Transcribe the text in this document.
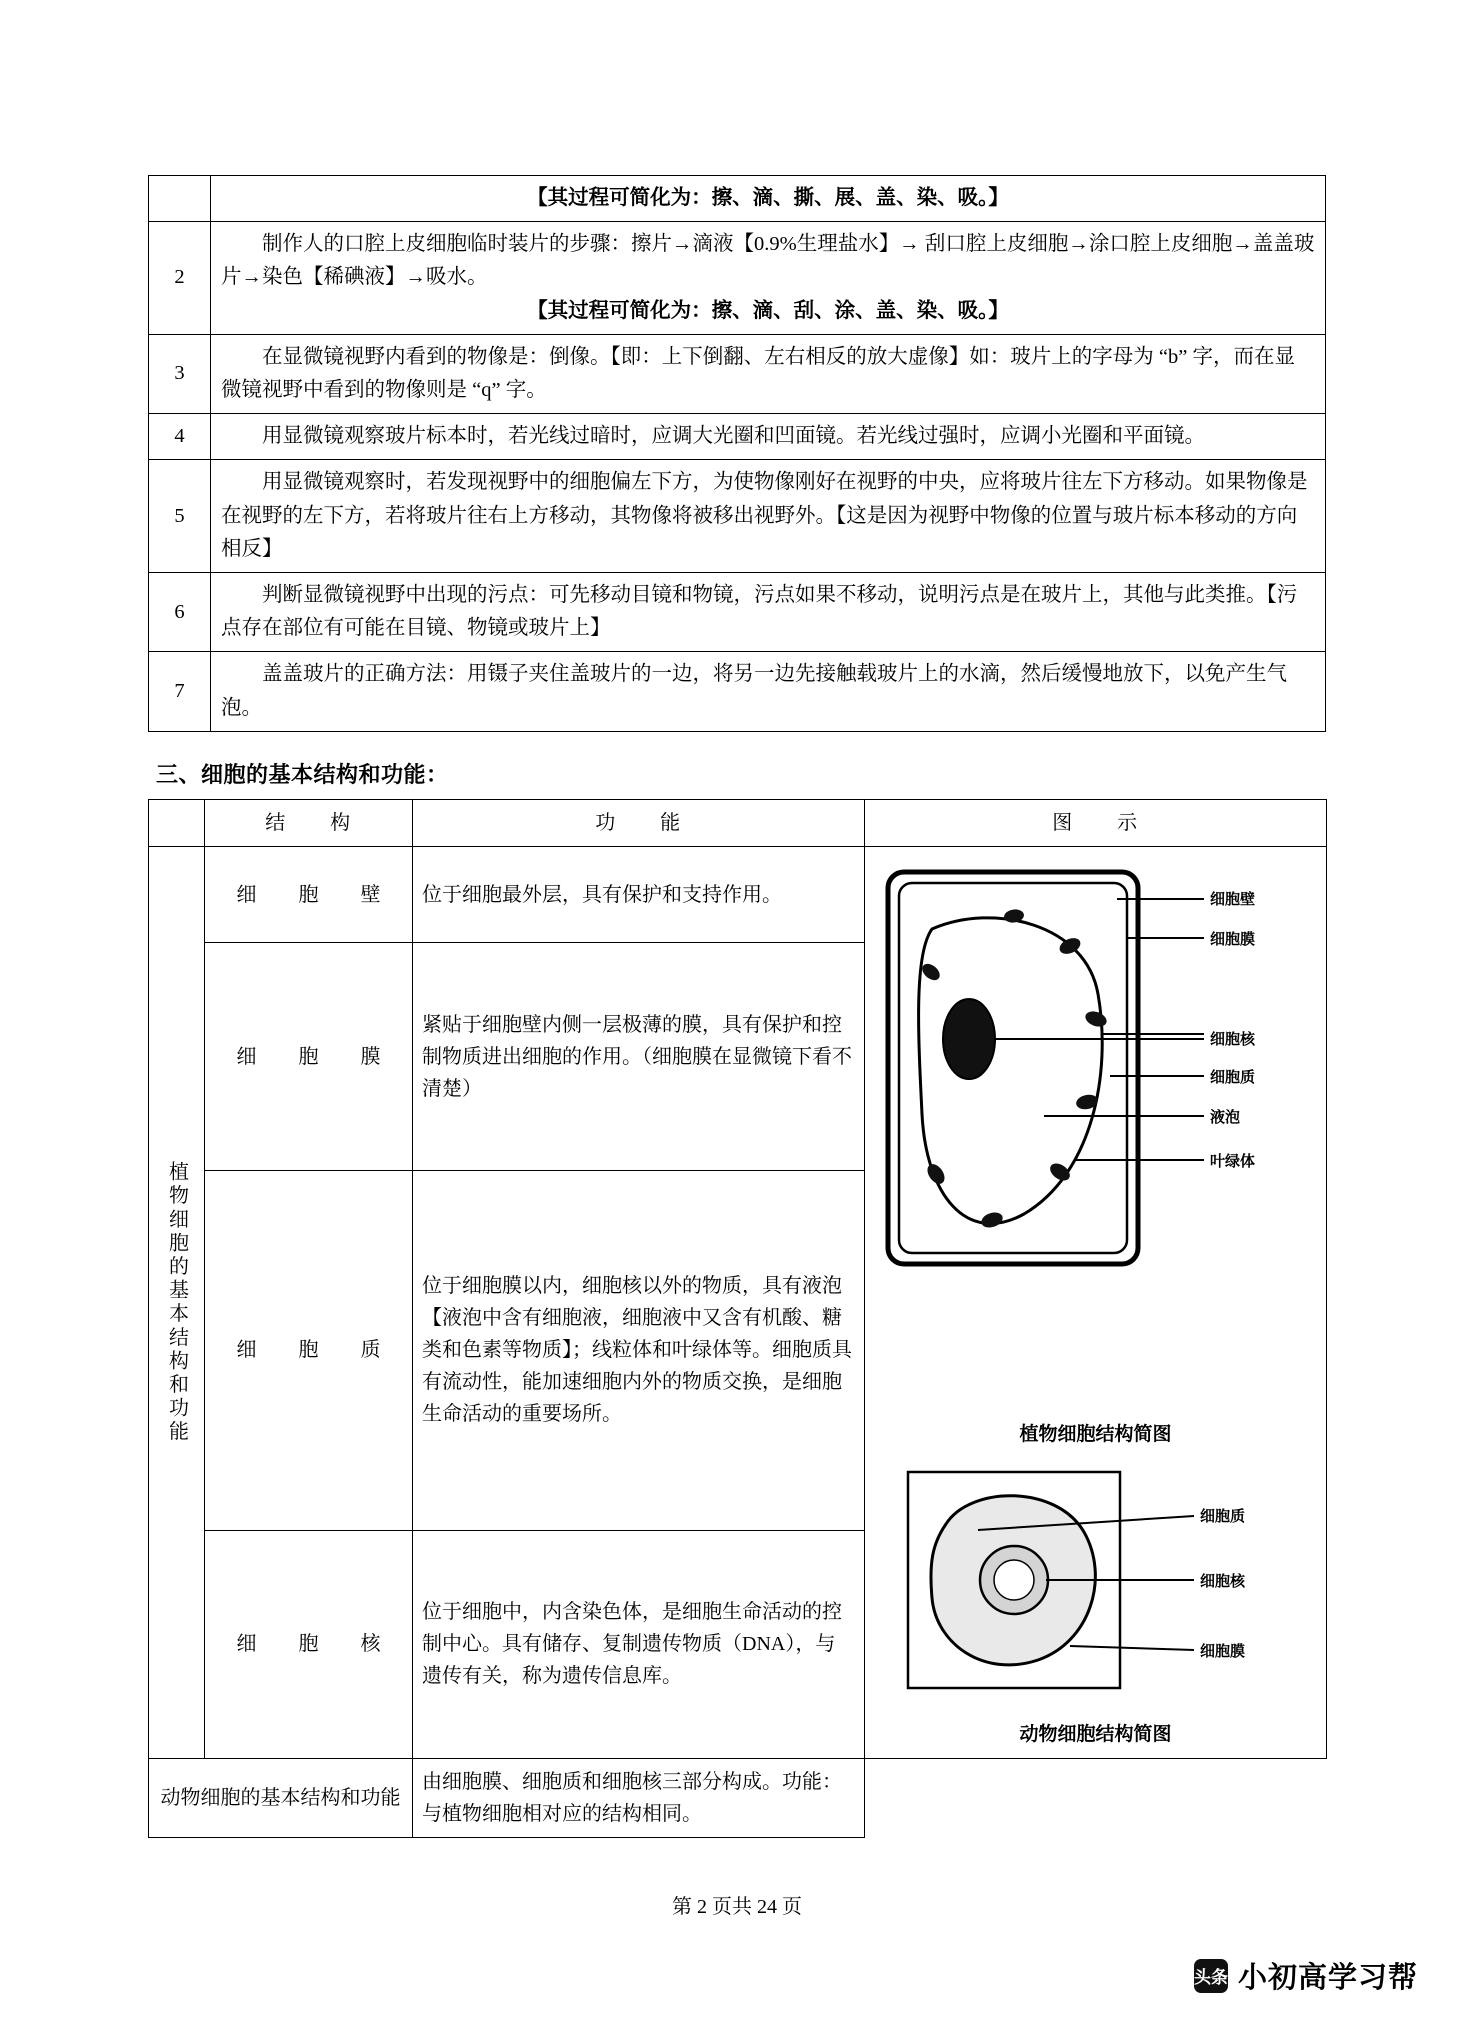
	【其过程可简化为：擦、滴、撕、展、盖、染、吸。】

2	制作人的口腔上皮细胞临时装片的步骤：擦片→滴液【0.9%生理盐水】→ 刮口腔上皮细胞→涂口腔上皮细胞→盖盖玻片→染色【稀碘液】→吸水。
【其过程可简化为：擦、滴、刮、涂、盖、染、吸。】

3	在显微镜视野内看到的物像是：倒像。【即：上下倒翻、左右相反的放大虚像】如：玻片上的字母为 “b” 字，而在显微镜视野中看到的物像则是 “q” 字。

4	用显微镜观察玻片标本时，若光线过暗时，应调大光圈和凹面镜。若光线过强时，应调小光圈和平面镜。

5	用显微镜观察时，若发现视野中的细胞偏左下方，为使物像刚好在视野的中央，应将玻片往左下方移动。如果物像是在视野的左下方，若将玻片往右上方移动，其物像将被移出视野外。【这是因为视野中物像的位置与玻片标本移动的方向相反】

6	判断显微镜视野中出现的污点：可先移动目镜和物镜，污点如果不移动，说明污点是在玻片上，其他与此类推。【污点存在部位有可能在目镜、物镜或玻片上】

7	盖盖玻片的正确方法：用镊子夹住盖玻片的一边，将另一边先接触载玻片上的水滴，然后缓慢地放下，以免产生气泡。
三、细胞的基本结构和功能：
	结　　构	功　　能	图　　示

植物细胞的基本结构和功能
	细　胞　壁	位于细胞最外层，具有保护和支持作用。	细胞壁
细胞膜
细胞核
细胞质
液泡
叶绿体
植物细胞结构简图
细胞质
细胞核
细胞膜
动物细胞结构简图

	细　胞　膜	紧贴于细胞壁内侧一层极薄的膜，具有保护和控制物质进出细胞的作用。（细胞膜在显微镜下看不清楚）	
	细　胞　质	位于细胞膜以内，细胞核以外的物质，具有液泡【液泡中含有细胞液，细胞液中又含有机酸、糖类和色素等物质】；线粒体和叶绿体等。细胞质具有流动性，能加速细胞内外的物质交换，是细胞生命活动的重要场所。	
	细　胞　核	位于细胞中，内含染色体，是细胞生命活动的控制中心。具有储存、复制遗传物质（DNA），与遗传有关，称为遗传信息库。	
动物细胞的基本结构和功能		由细胞膜、细胞质和细胞核三部分构成。功能：与植物细胞相对应的结构相同。	
第 2 页共 24 页
头条 小初高学习帮
